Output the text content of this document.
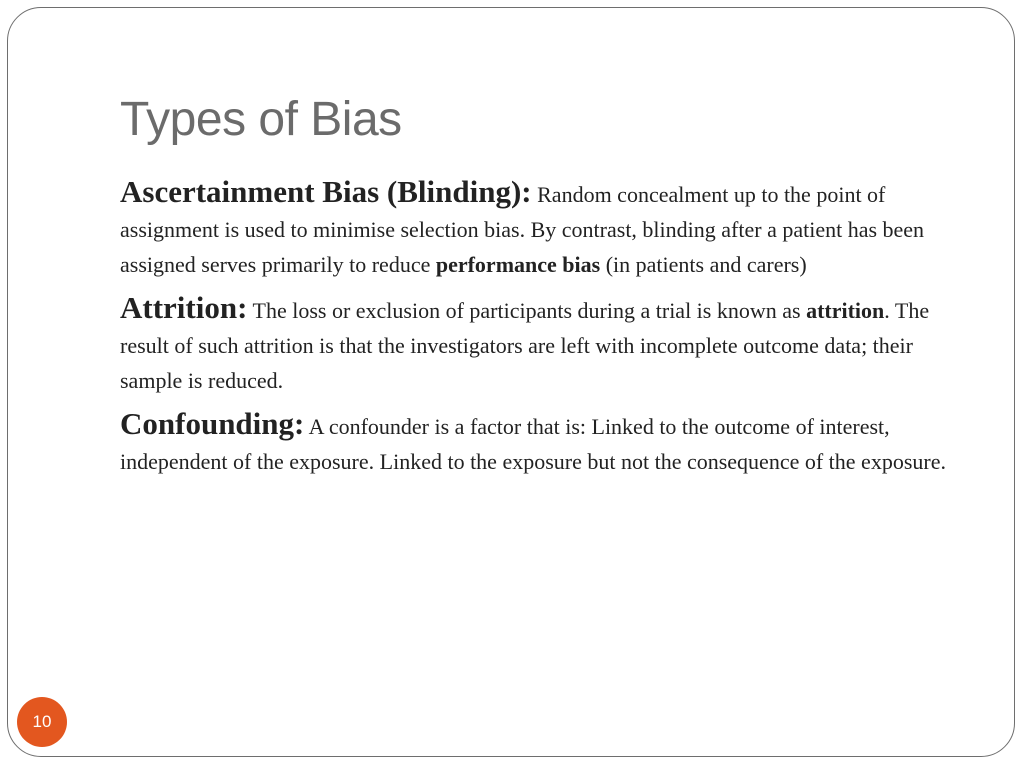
Types of Bias

Ascertainment Bias (Blinding): Random concealment up to the point of assignment is used to minimise selection bias. By contrast, blinding after a patient has been assigned serves primarily to reduce performance bias (in patients and carers)

Attrition: The loss or exclusion of participants during a trial is known as attrition. The result of such attrition is that the investigators are left with incomplete outcome data; their sample is reduced.

Confounding: A confounder is a factor that is: Linked to the outcome of interest, independent of the exposure. Linked to the exposure but not the consequence of the exposure.

10
